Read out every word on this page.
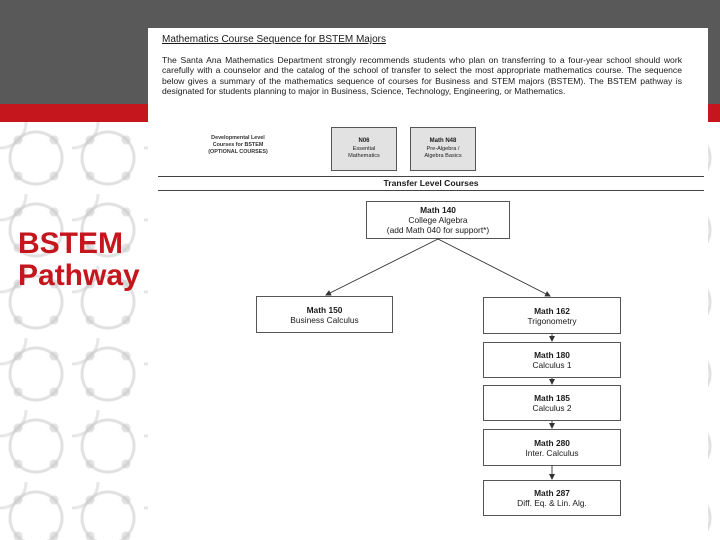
BSTEM Pathway
Mathematics Course Sequence for BSTEM Majors
The Santa Ana Mathematics Department strongly recommends students who plan on transferring to a four-year school should work carefully with a counselor and the catalog of the school of transfer to select the most appropriate mathematics course. The sequence below gives a summary of the mathematics sequence of courses for Business and STEM majors (BSTEM). The BSTEM pathway is designated for students planning to major in Business, Science, Technology, Engineering, or Mathematics.
Developmental Level
Courses for BSTEM
(OPTIONAL COURSES)
N06
Essential
Mathematics
Math N48
Pre-Algebra /
Algebra Basics
Transfer Level Courses
Math 140
College Algebra
(add Math 040 for support*)
Math 150
Business Calculus
Math 162
Trigonometry
Math 180
Calculus 1
Math 185
Calculus 2
Math 280
Inter. Calculus
Math 287
Diff. Eq. & Lin. Alg.
